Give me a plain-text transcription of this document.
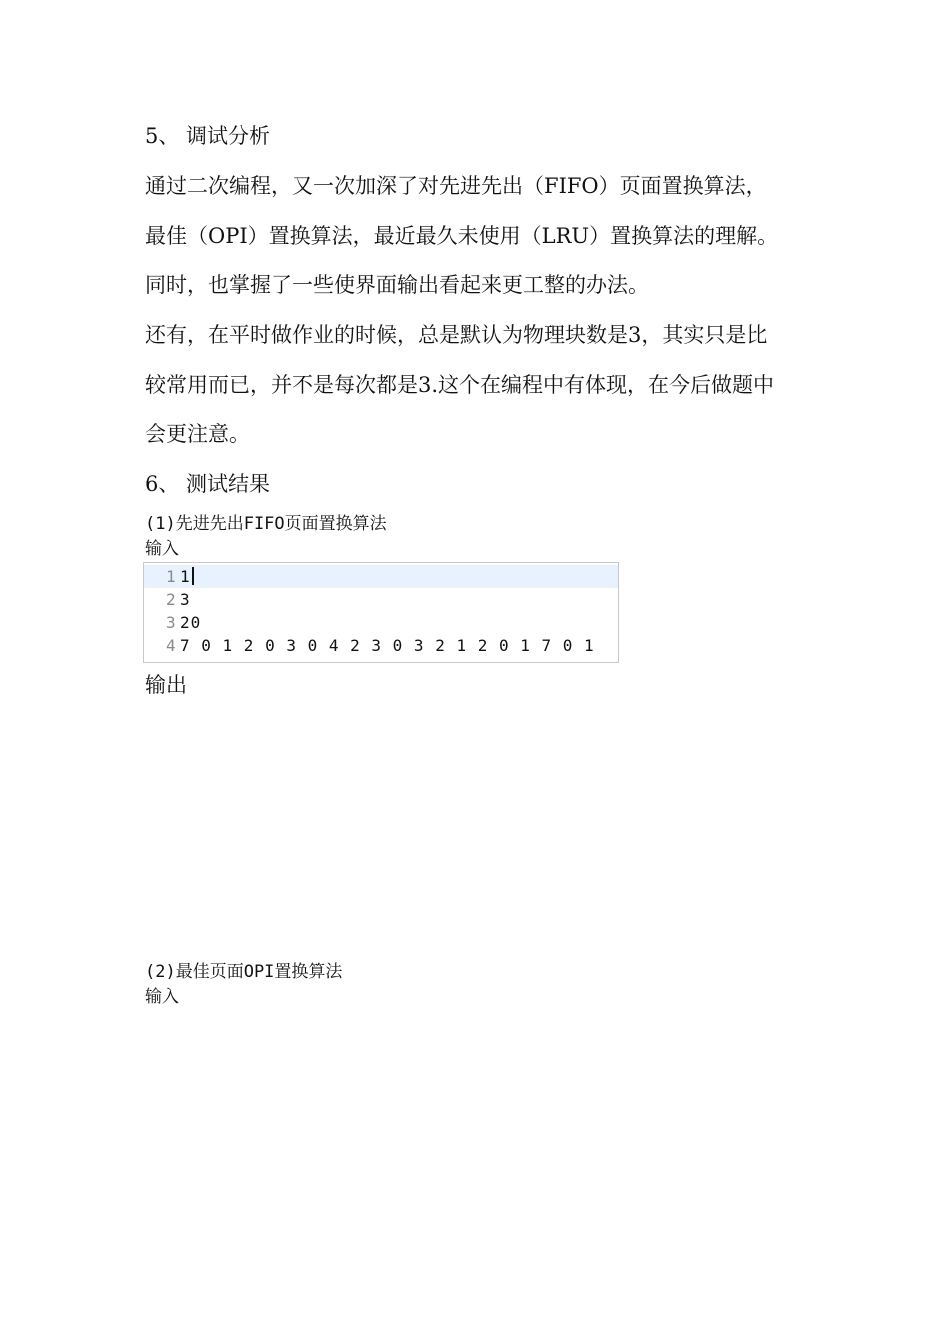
5、 调试分析
通过二次编程，又一次加深了对先进先出（FIFO）页面置换算法，
最佳（OPI）置换算法，最近最久未使用（LRU）置换算法的理解。
同时，也掌握了一些使界面输出看起来更工整的办法。
还有，在平时做作业的时候，总是默认为物理块数是3，其实只是比
较常用而已，并不是每次都是3.这个在编程中有体现，在今后做题中
会更注意。
6、 测试结果
(1)先进先出FIFO页面置换算法
输入
1 1
2 3
3 20
4 7 0 1 2 0 3 0 4 2 3 0 3 2 1 2 0 1 7 0 1
输出
(2)最佳页面OPI置换算法
输入
